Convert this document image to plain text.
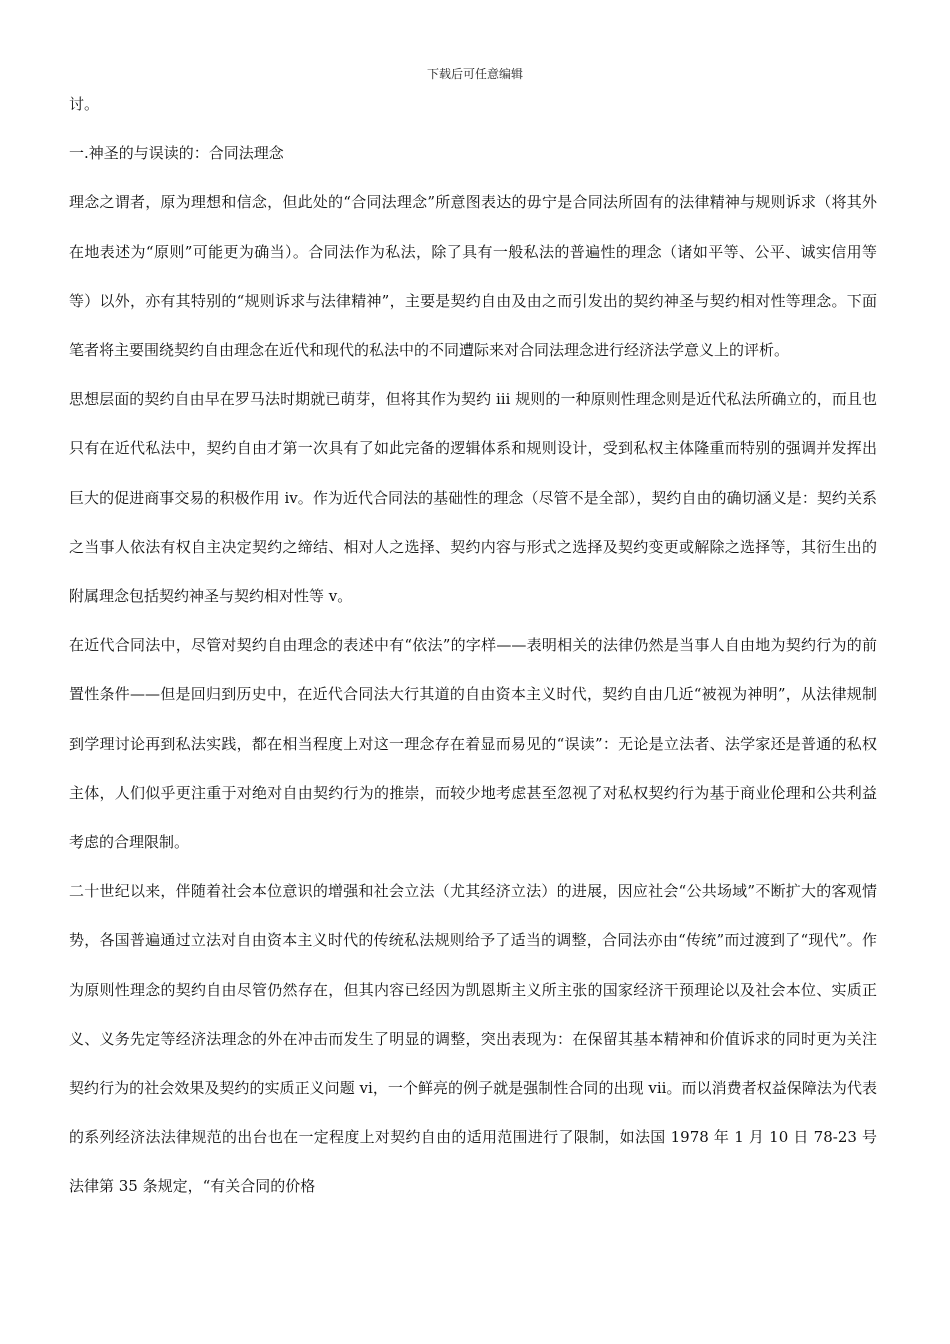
下载后可任意编辑

讨。

一.神圣的与误读的：合同法理念

理念之谓者，原为理想和信念，但此处的“合同法理念”所意图表达的毋宁是合同法所固有的法律精神与规则诉求（将其外在地表述为“原则”可能更为确当）。合同法作为私法，除了具有一般私法的普遍性的理念（诸如平等、公平、诚实信用等等）以外，亦有其特别的“规则诉求与法律精神”，主要是契约自由及由之而引发出的契约神圣与契约相对性等理念。下面笔者将主要围绕契约自由理念在近代和现代的私法中的不同遭际来对合同法理念进行经济法学意义上的评析。

思想层面的契约自由早在罗马法时期就已萌芽，但将其作为契约 iii 规则的一种原则性理念则是近代私法所确立的，而且也只有在近代私法中，契约自由才第一次具有了如此完备的逻辑体系和规则设计，受到私权主体隆重而特别的强调并发挥出巨大的促进商事交易的积极作用 iv。作为近代合同法的基础性的理念（尽管不是全部），契约自由的确切涵义是：契约关系之当事人依法有权自主决定契约之缔结、相对人之选择、契约内容与形式之选择及契约变更或解除之选择等，其衍生出的附属理念包括契约神圣与契约相对性等 v。

在近代合同法中，尽管对契约自由理念的表述中有“依法”的字样——表明相关的法律仍然是当事人自由地为契约行为的前置性条件——但是回归到历史中，在近代合同法大行其道的自由资本主义时代，契约自由几近“被视为神明”，从法律规制到学理讨论再到私法实践，都在相当程度上对这一理念存在着显而易见的“误读”：无论是立法者、法学家还是普通的私权主体，人们似乎更注重于对绝对自由契约行为的推崇，而较少地考虑甚至忽视了对私权契约行为基于商业伦理和公共利益考虑的合理限制。

二十世纪以来，伴随着社会本位意识的增强和社会立法（尤其经济立法）的进展，因应社会“公共场域”不断扩大的客观情势，各国普遍通过立法对自由资本主义时代的传统私法规则给予了适当的调整，合同法亦由“传统”而过渡到了“现代”。作为原则性理念的契约自由尽管仍然存在，但其内容已经因为凯恩斯主义所主张的国家经济干预理论以及社会本位、实质正义、义务先定等经济法理念的外在冲击而发生了明显的调整，突出表现为：在保留其基本精神和价值诉求的同时更为关注契约行为的社会效果及契约的实质正义问题 vi，一个鲜亮的例子就是强制性合同的出现 vii。而以消费者权益保障法为代表的系列经济法法律规范的出台也在一定程度上对契约自由的适用范围进行了限制，如法国 1978 年 1 月 10 日 78-23 号法律第 35 条规定，“有关合同的价格
